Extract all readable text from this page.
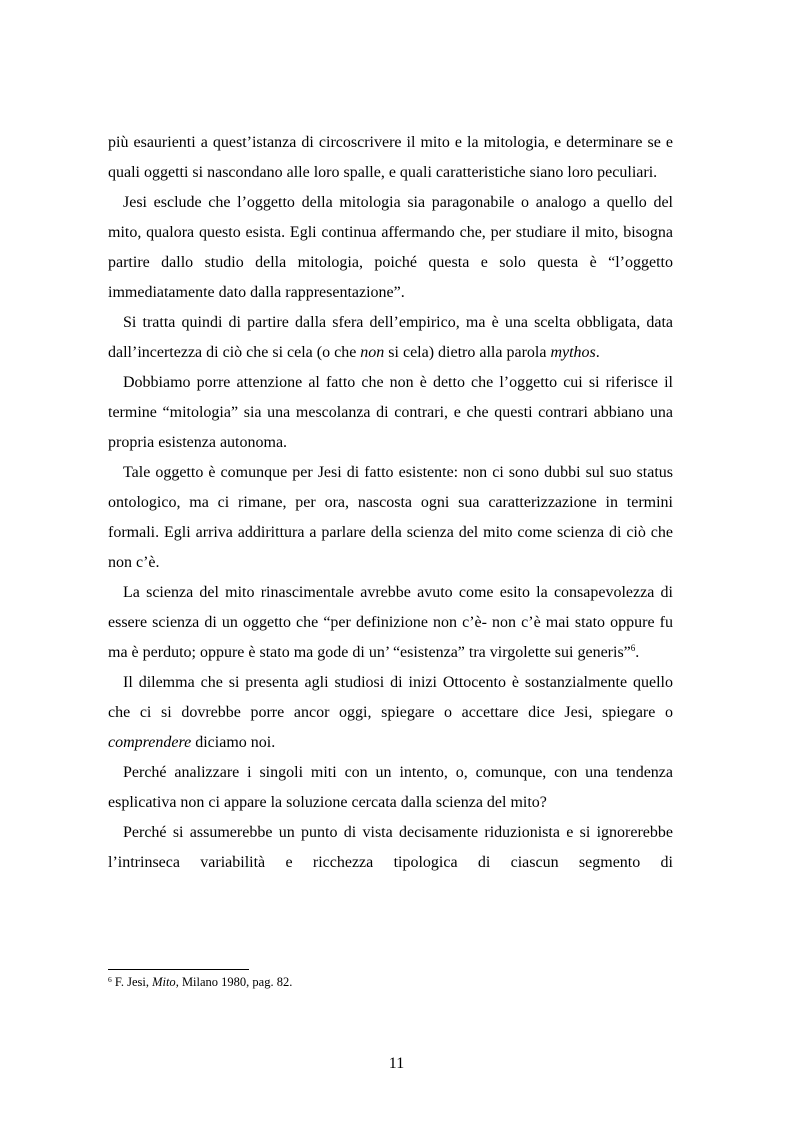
più esaurienti a quest’istanza di circoscrivere il mito e la mitologia, e determinare se e quali oggetti si nascondano alle loro spalle, e quali caratteristiche siano loro peculiari.

Jesi esclude che l’oggetto della mitologia sia paragonabile o analogo a quello del mito, qualora questo esista. Egli continua affermando che, per studiare il mito, bisogna partire dallo studio della mitologia, poiché questa e solo questa è “l’oggetto immediatamente dato dalla rappresentazione”.

Si tratta quindi di partire dalla sfera dell’empirico, ma è una scelta obbligata, data dall’incertezza di ciò che si cela (o che non si cela) dietro alla parola mythos.

Dobbiamo porre attenzione al fatto che non è detto che l’oggetto cui si riferisce il termine “mitologia” sia una mescolanza di contrari, e che questi contrari abbiano una propria esistenza autonoma.

Tale oggetto è comunque per Jesi di fatto esistente: non ci sono dubbi sul suo status ontologico, ma ci rimane, per ora, nascosta ogni sua caratterizzazione in termini formali. Egli arriva addirittura a parlare della scienza del mito come scienza di ciò che non c’è.

La scienza del mito rinascimentale avrebbe avuto come esito la consapevolezza di essere scienza di un oggetto che “per definizione non c’è- non c’è mai stato oppure fu ma è perduto; oppure è stato ma gode di un’ “esistenza” tra virgolette sui generis”$^6$.

Il dilemma che si presenta agli studiosi di inizi Ottocento è sostanzialmente quello che ci si dovrebbe porre ancor oggi, spiegare o accettare dice Jesi, spiegare o comprendere diciamo noi.

Perché analizzare i singoli miti con un intento, o, comunque, con una tendenza esplicativa non ci appare la soluzione cercata dalla scienza del mito?

Perché si assumerebbe un punto di vista decisamente riduzionista e si ignorerebbe l’intrinseca variabilità e ricchezza tipologica di ciascun segmento di

$^6$ F. Jesi, Mito, Milano 1980, pag. 82.
11
